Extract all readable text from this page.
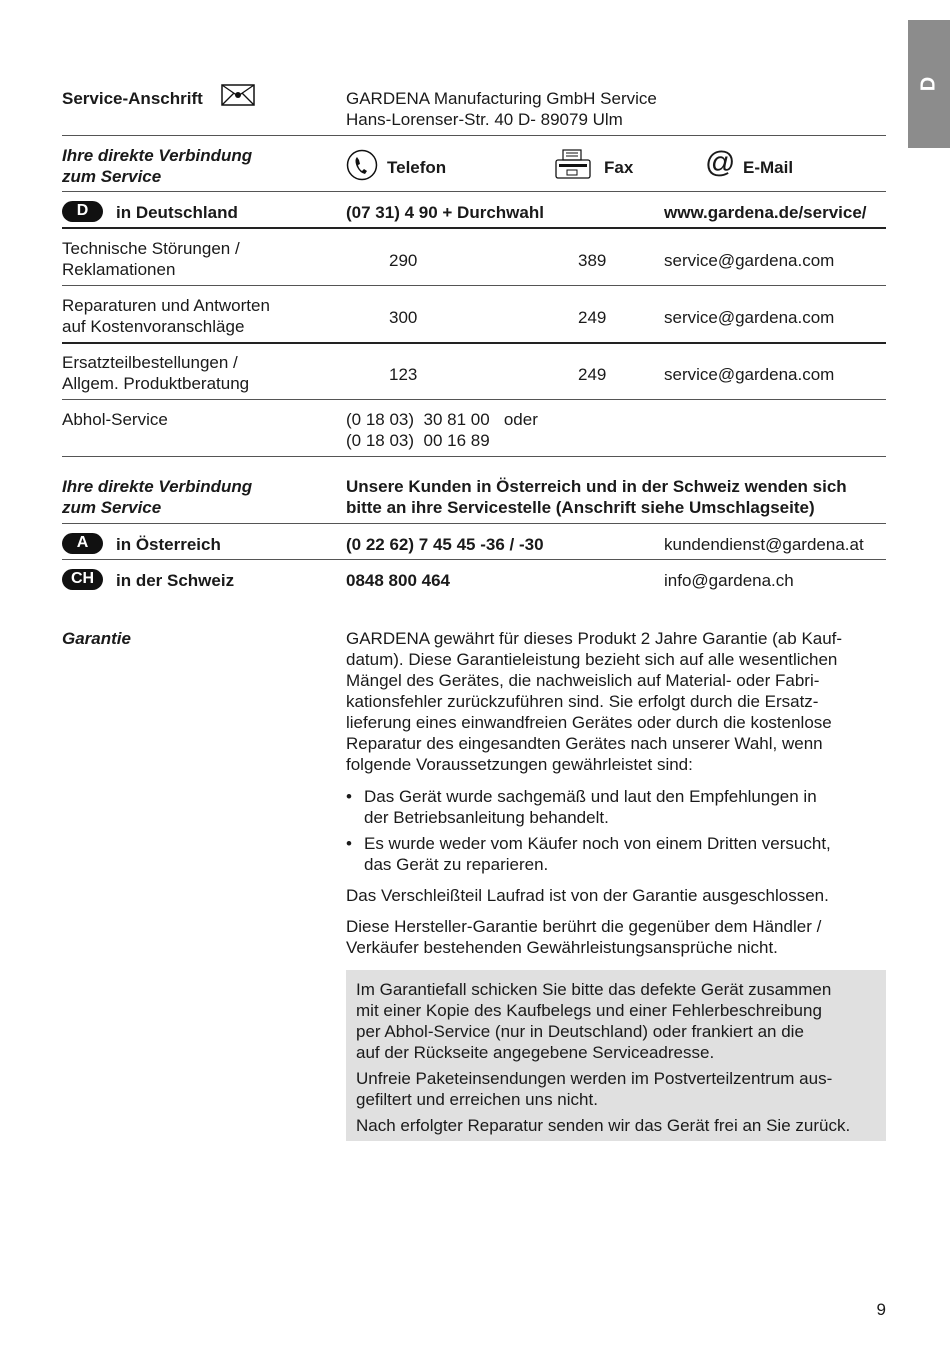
D
Service-Anschrift	GARDENA Manufacturing GmbH Service
Hans-Lorenser-Str. 40 D- 89079 Ulm
Ihre direkte Verbindung
zum Service	Telefon	Fax @ E-Mail
D	in Deutschland	(07 31) 4 90 + Durchwahl	www.gardena.de/service/
Technische Störungen /
Reklamationen	290	389	service@gardena.com
Reparaturen und Antworten
auf Kostenvoranschläge	300	249	service@gardena.com
Ersatzteilbestellungen /
Allgem. Produktberatung	123	249	service@gardena.com
Abhol-Service	(0 18 03)  30 81 00   oder
(0 18 03)  00 16 89
Ihre direkte Verbindung
zum Service
Unsere Kunden in Österreich und in der Schweiz wenden sich
bitte an ihre Servicestelle (Anschrift siehe Umschlagseite)
A	in Österreich	(0 22 62) 7 45 45 -36 / -30	kundendienst@gardena.at
CH	in der Schweiz	0848 800 464	info@gardena.ch
Garantie	GARDENA gewährt für dieses Produkt 2 Jahre Garantie (ab Kauf-
datum). Diese Garantieleistung bezieht sich auf alle wesentlichen
Mängel des Gerätes, die nachweislich auf Material- oder Fabri-
kationsfehler zurückzuführen sind. Sie erfolgt durch die Ersatz-
lieferung eines einwandfreien Gerätes oder durch die kostenlose
Reparatur des eingesandten Gerätes nach unserer Wahl, wenn
folgende Voraussetzungen gewährleistet sind:
• Das Gerät wurde sachgemäß und laut den Empfehlungen in
der Betriebsanleitung behandelt.
• Es wurde weder vom Käufer noch von einem Dritten versucht,
das Gerät zu reparieren.
Das Verschleißteil Laufrad ist von der Garantie ausgeschlossen.
Diese Hersteller-Garantie berührt die gegenüber dem Händler /
Verkäufer bestehenden Gewährleistungsansprüche nicht.

Im Garantiefall schicken Sie bitte das defekte Gerät zusammen
mit einer Kopie des Kaufbelegs und einer Fehlerbeschreibung
per Abhol-Service (nur in Deutschland) oder frankiert an die
auf der Rückseite angegebene Serviceadresse.

Unfreie Paketeinsendungen werden im Postverteilzentrum aus-
gefiltert und erreichen uns nicht.

Nach erfolgter Reparatur senden wir das Gerät frei an Sie zurück.

9
